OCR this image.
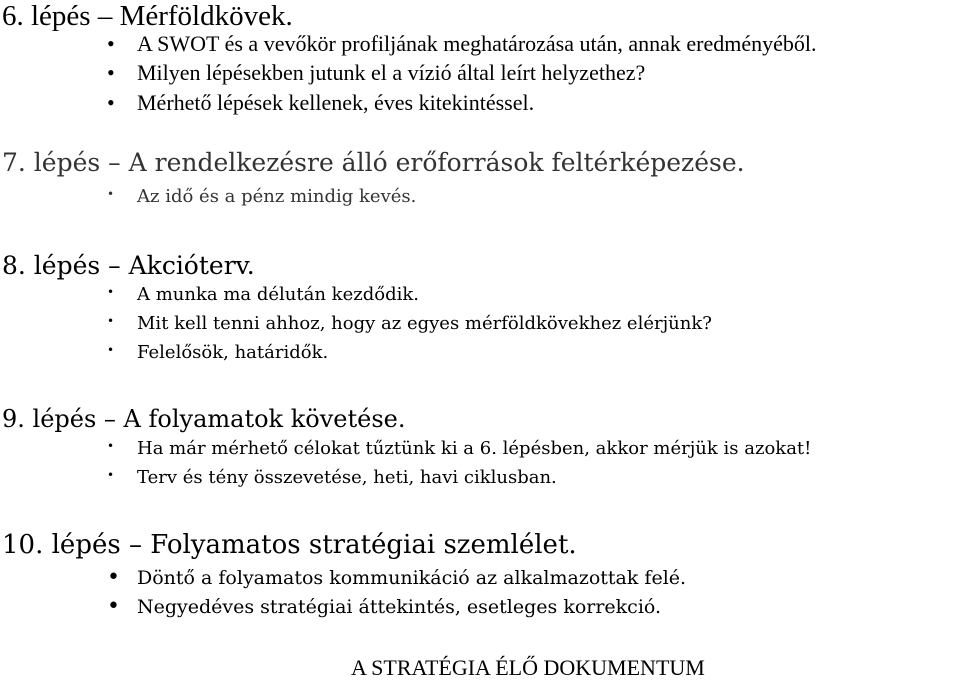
6. lépés – Mérföldkövek.
• A SWOT és a vevőkör profiljának meghatározása után, annak eredményéből.
• Milyen lépésekben jutunk el a vízió által leírt helyzethez?
• Mérhető lépések kellenek, éves kitekintéssel.
7. lépés – A rendelkezésre álló erőforrások feltérképezése.
• Az idő és a pénz mindig kevés.
8. lépés – Akcióterv.
• A munka ma délután kezdődik.
• Mit kell tenni ahhoz, hogy az egyes mérföldkövekhez elérjünk?
• Felelősök, határidők.
9. lépés – A folyamatok követése.
• Ha már mérhető célokat tűztünk ki a 6. lépésben, akkor mérjük is azokat!
• Terv és tény összevetése, heti, havi ciklusban.
10. lépés – Folyamatos stratégiai szemlélet.
• Döntő a folyamatos kommunikáció az alkalmazottak felé.
• Negyedéves stratégiai áttekintés, esetleges korrekció.
A STRATÉGIA ÉLŐ DOKUMENTUM
